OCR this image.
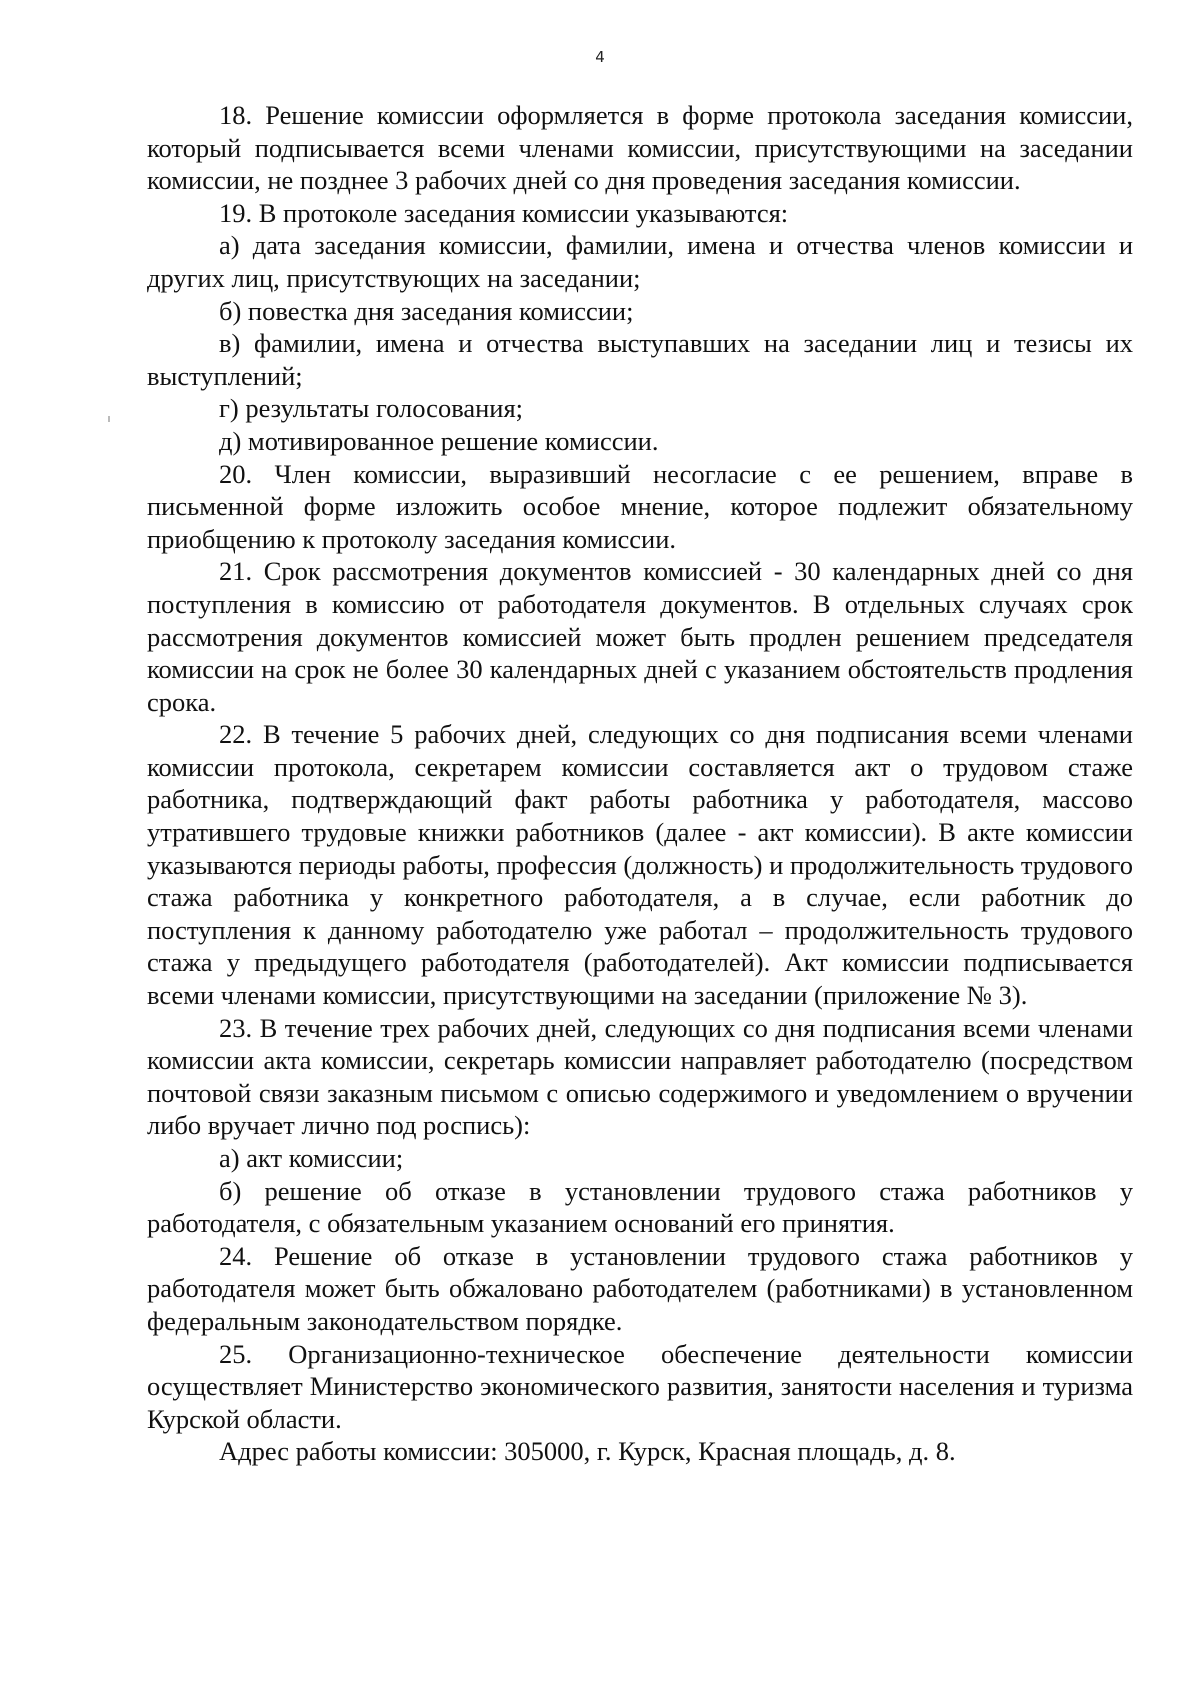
4

18. Решение комиссии оформляется в форме протокола заседания комиссии, который подписывается всеми членами комиссии, присутствующими на заседании комиссии, не позднее 3 рабочих дней со дня проведения заседания комиссии.

19. В протоколе заседания комиссии указываются:

а) дата заседания комиссии, фамилии, имена и отчества членов комиссии и других лиц, присутствующих на заседании;

б) повестка дня заседания комиссии;

в) фамилии, имена и отчества выступавших на заседании лиц и тезисы их выступлений;

г) результаты голосования;

д) мотивированное решение комиссии.

20. Член комиссии, выразивший несогласие с ее решением, вправе в письменной форме изложить особое мнение, которое подлежит обязательному приобщению к протоколу заседания комиссии.

21. Срок рассмотрения документов комиссией - 30 календарных дней со дня поступления в комиссию от работодателя документов. В отдельных случаях срок рассмотрения документов комиссией может быть продлен решением председателя комиссии на срок не более 30 календарных дней с указанием обстоятельств продления срока.

22. В течение 5 рабочих дней, следующих со дня подписания всеми членами комиссии протокола, секретарем комиссии составляется акт о трудовом стаже работника, подтверждающий факт работы работника у работодателя, массово утратившего трудовые книжки работников (далее - акт комиссии). В акте комиссии указываются периоды работы, профессия (должность) и продолжительность трудового стажа работника у конкретного работодателя, а в случае, если работник до поступления к данному работодателю уже работал – продолжительность трудового стажа у предыдущего работодателя (работодателей). Акт комиссии подписывается всеми членами комиссии, присутствующими на заседании (приложение № 3).

23. В течение трех рабочих дней, следующих со дня подписания всеми членами комиссии акта комиссии, секретарь комиссии направляет работодателю (посредством почтовой связи заказным письмом с описью содержимого и уведомлением о вручении либо вручает лично под роспись):

а) акт комиссии;

б) решение об отказе в установлении трудового стажа работников у работодателя, с обязательным указанием оснований его принятия.

24. Решение об отказе в установлении трудового стажа работников у работодателя может быть обжаловано работодателем (работниками) в установленном федеральным законодательством порядке.

25. Организационно-техническое обеспечение деятельности комиссии осуществляет Министерство экономического развития, занятости населения и туризма Курской области.

Адрес работы комиссии: 305000, г. Курск, Красная площадь, д. 8.
